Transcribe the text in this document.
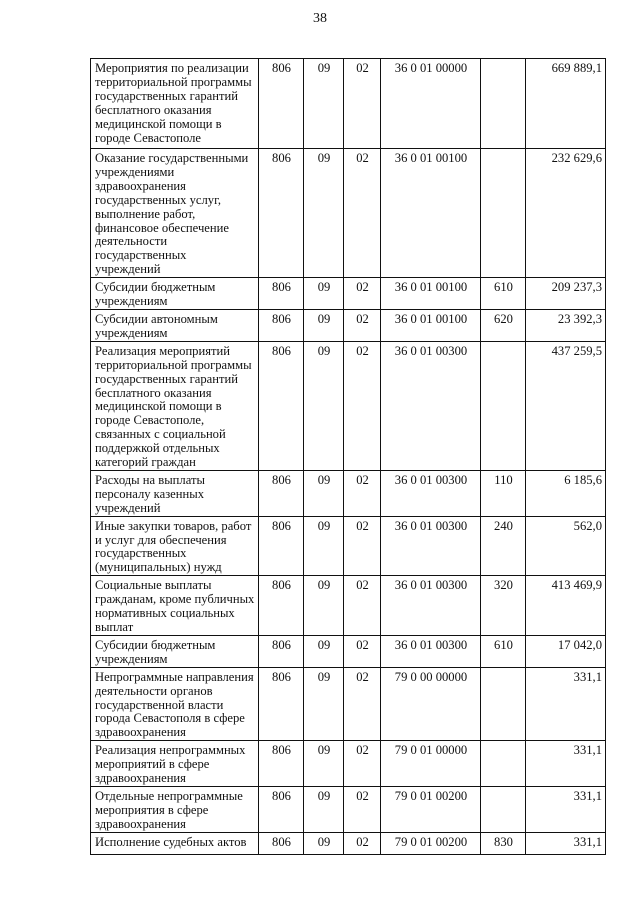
38
Мероприятия по реализации территориальной программы государственных гарантий бесплатного оказания медицинской помощи в городе Севастополе	806	09	02	36 0 01 00000		669 889,1
Оказание государственными учреждениями здравоохранения государственных услуг, выполнение работ, финансовое обеспечение деятельности государственных учреждений	806	09	02	36 0 01 00100		232 629,6
Субсидии бюджетным учреждениям	806	09	02	36 0 01 00100	610	209 237,3
Субсидии автономным учреждениям	806	09	02	36 0 01 00100	620	23 392,3
Реализация мероприятий территориальной программы государственных гарантий бесплатного оказания медицинской помощи в городе Севастополе, связанных с социальной поддержкой отдельных категорий граждан	806	09	02	36 0 01 00300		437 259,5
Расходы на выплаты персоналу казенных учреждений	806	09	02	36 0 01 00300	110	6 185,6
Иные закупки товаров, работ и услуг для обеспечения государственных (муниципальных) нужд	806	09	02	36 0 01 00300	240	562,0
Социальные выплаты гражданам, кроме публичных нормативных социальных выплат	806	09	02	36 0 01 00300	320	413 469,9
Субсидии бюджетным учреждениям	806	09	02	36 0 01 00300	610	17 042,0
Непрограммные направления деятельности органов государственной власти города Севастополя в сфере здравоохранения	806	09	02	79 0 00 00000		331,1
Реализация непрограммных мероприятий в сфере здравоохранения	806	09	02	79 0 01 00000		331,1
Отдельные непрограммные мероприятия в сфере здравоохранения	806	09	02	79 0 01 00200		331,1
Исполнение судебных актов	806	09	02	79 0 01 00200	830	331,1
